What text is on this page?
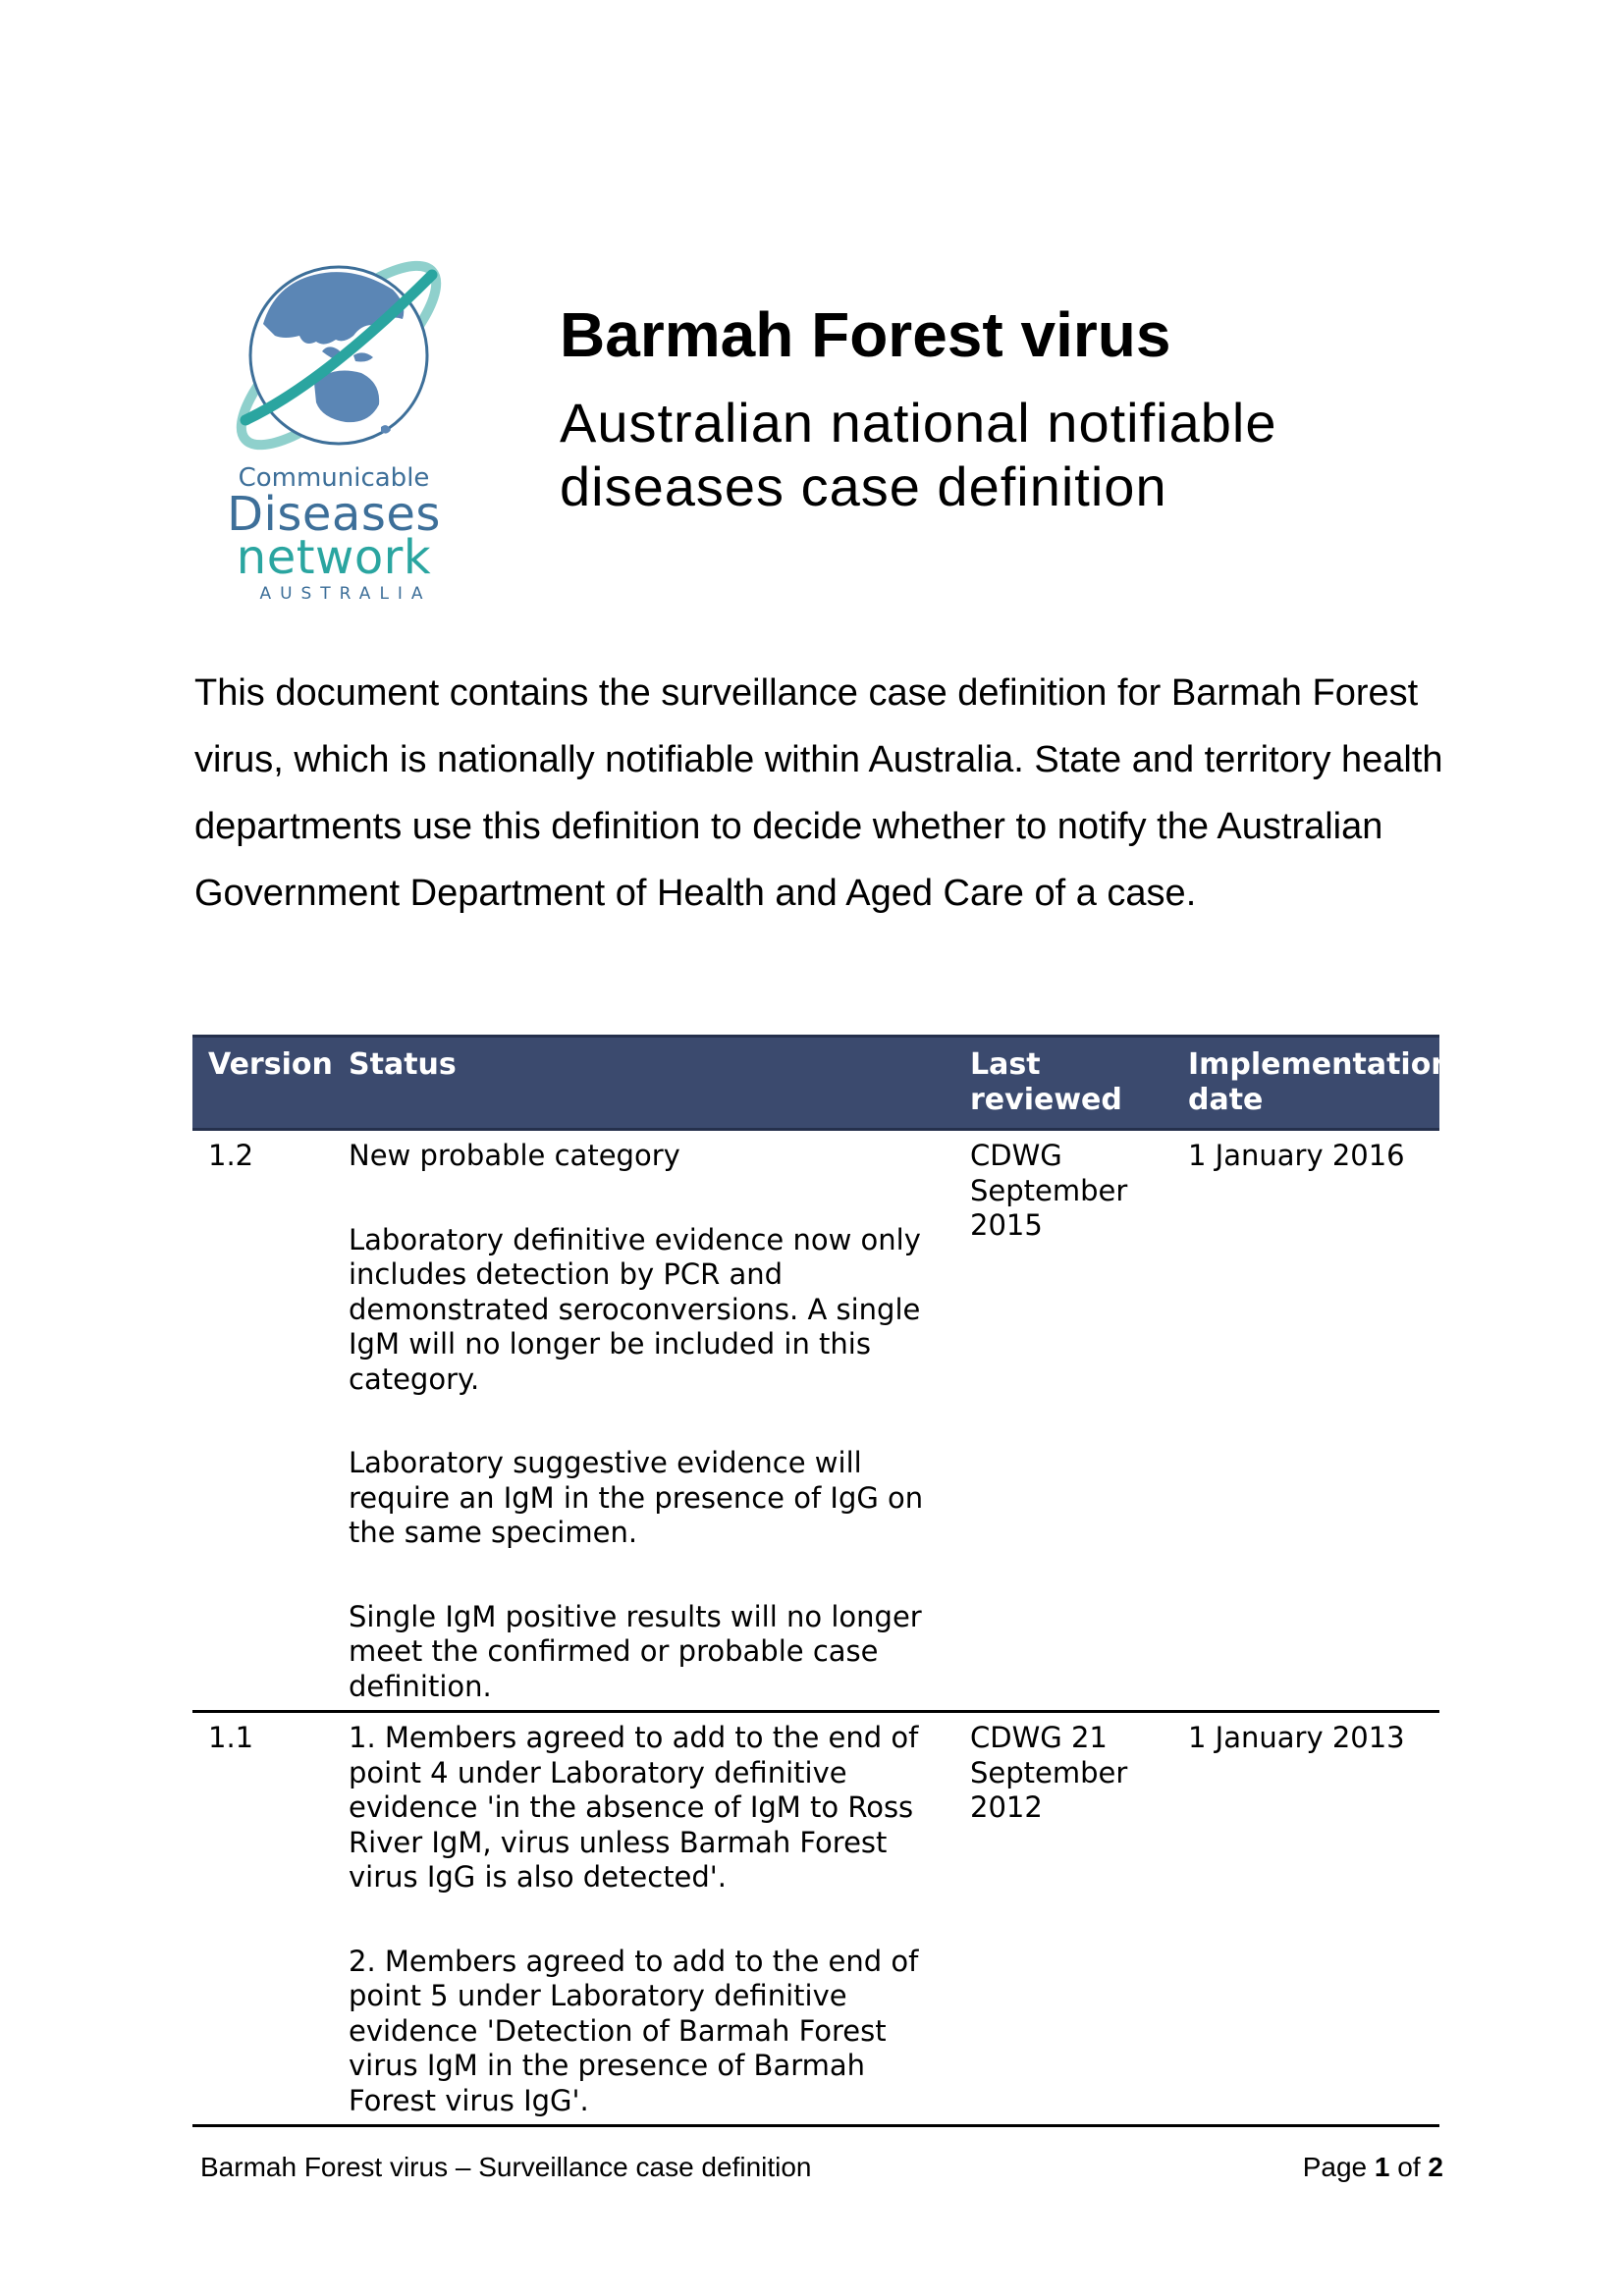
Communicable
Diseases
network
AUSTRALIA
Barmah Forest virus
Australian national notifiable
diseases case definition

This document contains the surveillance case definition for Barmah Forest virus, which is nationally notifiable within Australia. State and territory health departments use this definition to decide whether to notify the Australian Government Department of Health and Aged Care of a case.

Version	Status	Last reviewed	Implementation date
1.2	New probable category

Laboratory definitive evidence now only includes detection by PCR and demonstrated seroconversions. A single IgM will no longer be included in this category.

Laboratory suggestive evidence will require an IgM in the presence of IgG on the same specimen.

Single IgM positive results will no longer meet the confirmed or probable case definition.	CDWG September 2015	1 January 2016
1.1	1. Members agreed to add to the end of point 4 under Laboratory definitive evidence 'in the absence of IgM to Ross River IgM, virus unless Barmah Forest virus IgG is also detected'.

2. Members agreed to add to the end of point 5 under Laboratory definitive evidence 'Detection of Barmah Forest virus IgM in the presence of Barmah Forest virus IgG'.	CDWG 21 September 2012	1 January 2013
Barmah Forest virus – Surveillance case definition	Page 1 of 2
